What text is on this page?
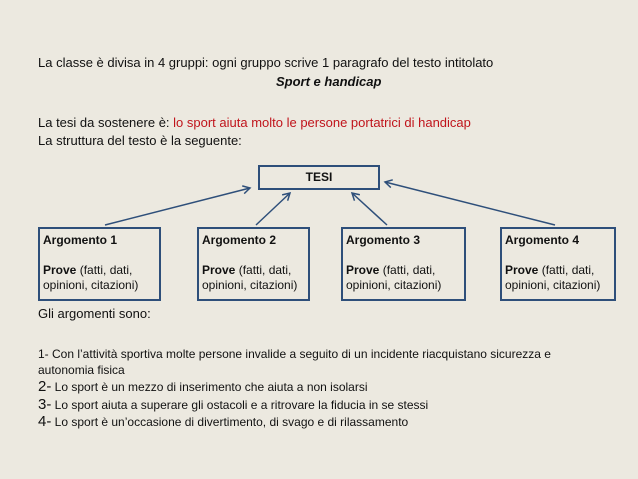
La classe è divisa in 4 gruppi: ogni gruppo scrive 1 paragrafo del testo intitolato
Sport e handicap
La tesi da sostenere è: lo sport aiuta molto le persone portatrici di handicap
La struttura del testo è la seguente:
TESI
Argomento 1
Prove (fatti, dati, opinioni, citazioni)
Argomento 2
Prove (fatti, dati, opinioni, citazioni)
Argomento 3
Prove (fatti, dati, opinioni, citazioni)
Argomento 4
Prove (fatti, dati, opinioni, citazioni)
Gli argomenti sono:
1- Con l’attività sportiva molte persone invalide a seguito di un incidente riacquistano sicurezza e
autonomia fisica
2- Lo sport è un mezzo di inserimento che aiuta a non isolarsi
3- Lo sport aiuta a superare gli ostacoli e a ritrovare la fiducia in se stessi
4- Lo sport è un’occasione di divertimento, di svago e di rilassamento
